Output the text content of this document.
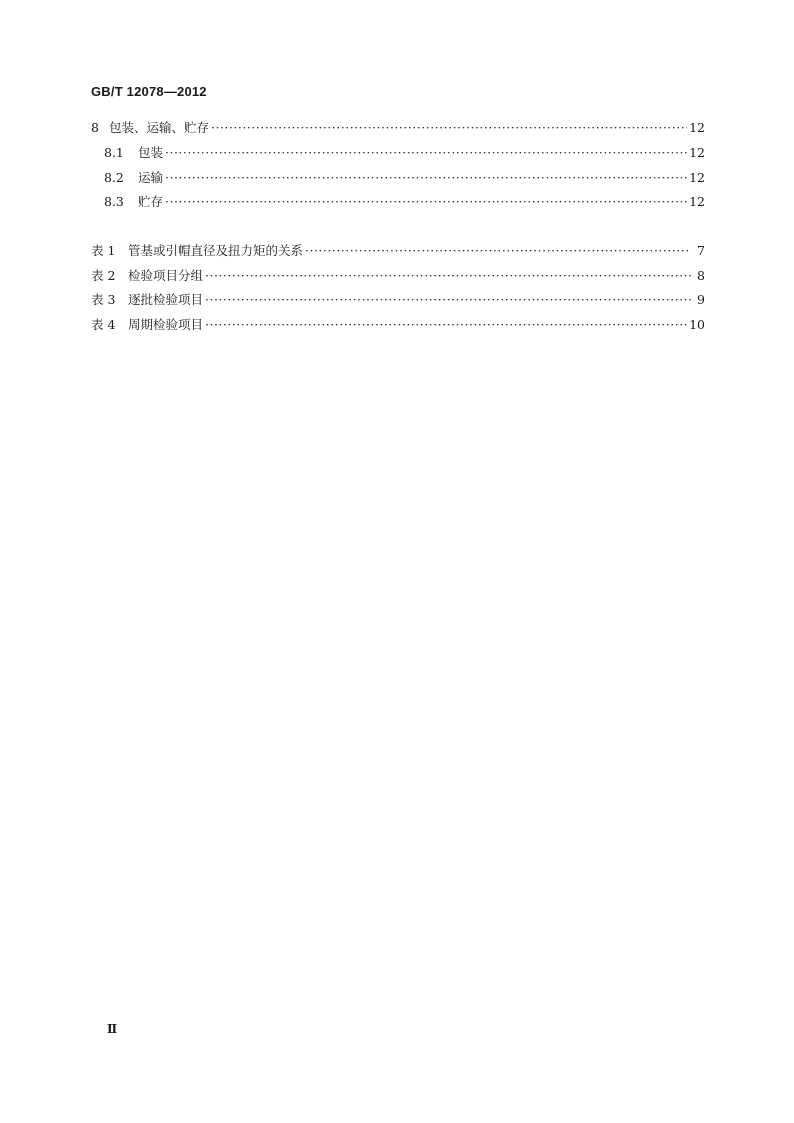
GB/T 12078—2012
8 包装、运输、贮存 ·····	12
8.1	包装 ·····	12
8.2	运输 ·····	12
8.3	贮存 ·····	12
表 1	管基或引帽直径及扭力矩的关系 ·····	7
表 2	检验项目分组 ·····	8
表 3	逐批检验项目 ·····	9
表 4	周期检验项目 ·····	10
Ⅱ
